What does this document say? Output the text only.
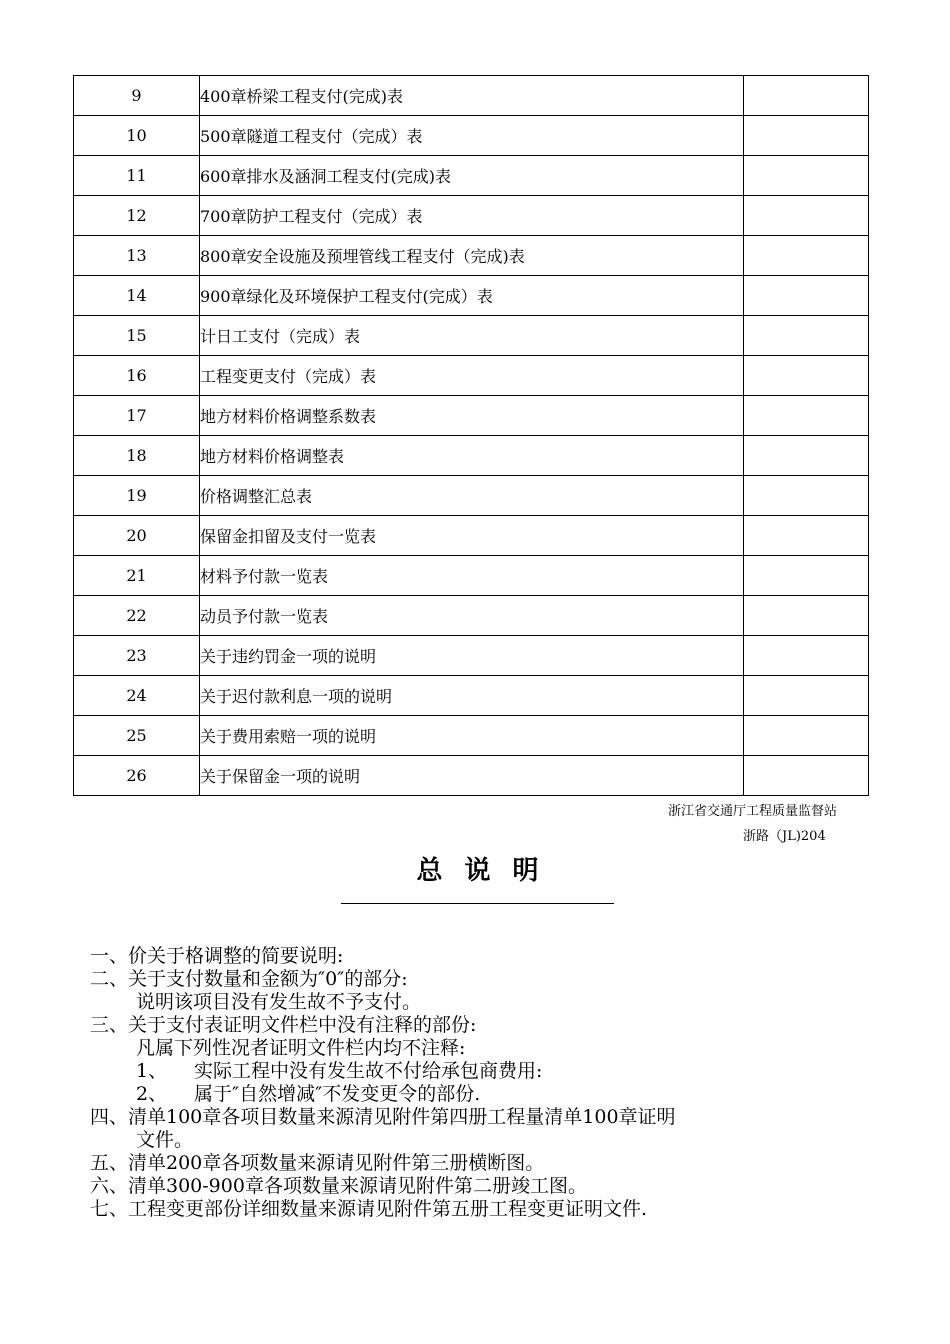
9	400章桥梁工程支付(完成)表	
10	500章隧道工程支付（完成）表	
11	600章排水及涵洞工程支付(完成)表	
12	700章防护工程支付（完成）表	
13	800章安全设施及预埋管线工程支付（完成)表	
14	900章绿化及环境保护工程支付(完成）表	
15	计日工支付（完成）表	
16	工程变更支付（完成）表	
17	地方材料价格调整系数表	
18	地方材料价格调整表	
19	价格调整汇总表	
20	保留金扣留及支付一览表	
21	材料予付款一览表	
22	动员予付款一览表	
23	关于违约罚金一项的说明	
24	关于迟付款利息一项的说明	
25	关于费用索赔一项的说明	
26	关于保留金一项的说明	
浙江省交通厅工程质量监督站
浙路（JL)204
总说明
一、价关于格调整的简要说明:
二、关于支付数量和金额为″0″的部分:
说明该项目没有发生故不予支付。
三、关于支付表证明文件栏中没有注释的部份:
凡属下列性况者证明文件栏内均不注释:
1、 实际工程中没有发生故不付给承包商费用:
2、 属于″自然增减″不发变更令的部份.
四、清单100章各项目数量来源清见附件第四册工程量清单100章证明
文件。
五、清单200章各项数量来源请见附件第三册横断图。
六、清单300-900章各项数量来源请见附件第二册竣工图。
七、工程变更部份详细数量来源请见附件第五册工程变更证明文件.
